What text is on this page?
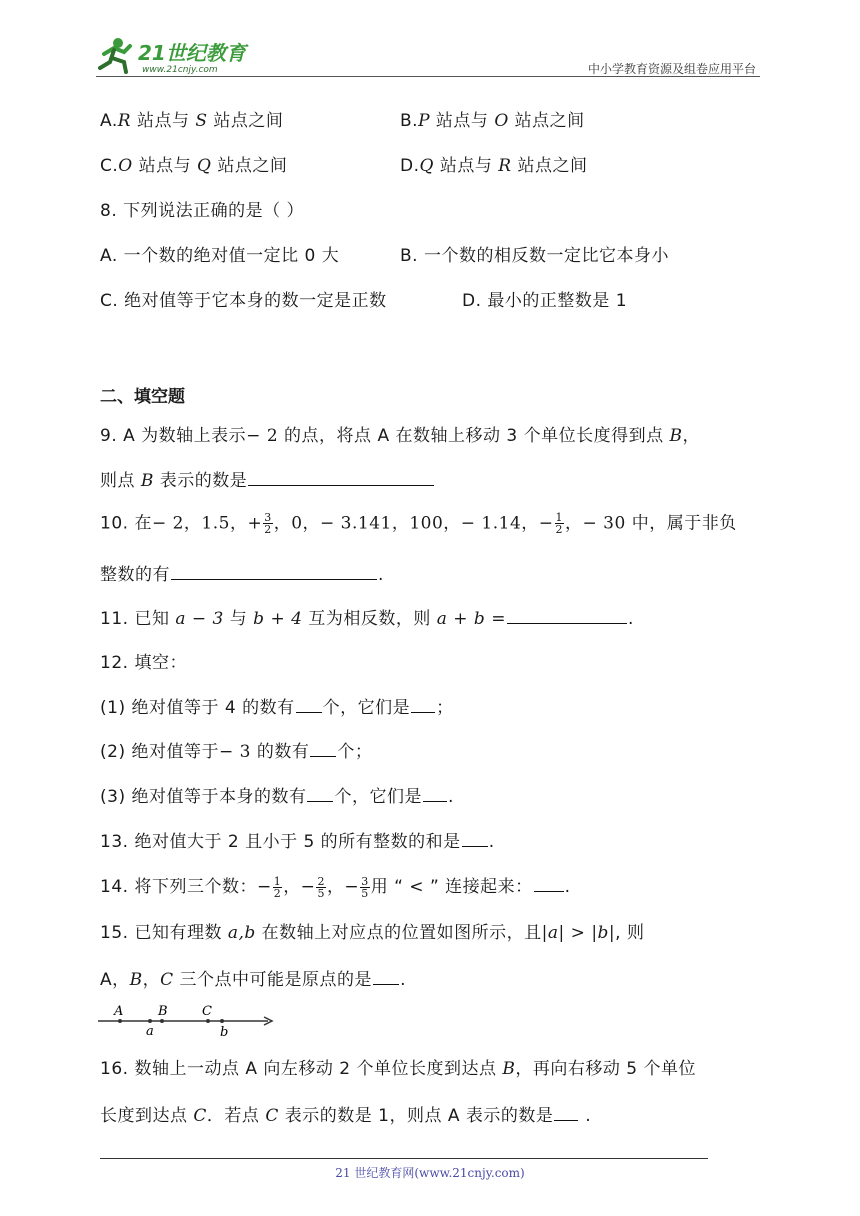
21世纪教育
www.21cnjy.com	中小学教育资源及组卷应用平台
A.R 站点与 S 站点之间	B.P 站点与 O 站点之间
C.O 站点与 Q 站点之间	D.Q 站点与 R 站点之间
8. 下列说法正确的是（ ）
A. 一个数的绝对值一定比 0 大	B. 一个数的相反数一定比它本身小
C. 绝对值等于它本身的数一定是正数	D. 最小的正整数是 1
二、填空题
9. A 为数轴上表示− 2 的点，将点 A 在数轴上移动 3 个单位长度得到点 B，
则点 B 表示的数是
10. 在− 2，1.5，+ $\frac{3}{2}$ ，0，− 3.141，100，− 1.14，− $\frac{1}{2}$ ，− 30 中，属于非负
整数的有	.
11. 已知 a − 3 与 b + 4 互为相反数，则 a + b =	.
12. 填空：
(1) 绝对值等于 4 的数有 个，它们是 ；
(2) 绝对值等于− 3 的数有 个；
(3) 绝对值等于本身的数有 个，它们是 .
13. 绝对值大于 2 且小于 5 的所有整数的和是 .
14. 将下列三个数：− $\frac{1}{2}$ ，− $\frac{2}{5}$ ，− $\frac{3}{5}$ 用 “ < ” 连接起来： .
15. 已知有理数 a,b 在数轴上对应点的位置如图所示，且|a| > |b|, 则
A，B，C 三个点中可能是原点的是 .
A	B	C
a	b
16. 数轴上一动点 A 向左移动 2 个单位长度到达点 B，再向右移动 5 个单位
长度到达点 C．若点 C 表示的数是 1，则点 A 表示的数是 .
21 世纪教育网(www.21cnjy.com)
